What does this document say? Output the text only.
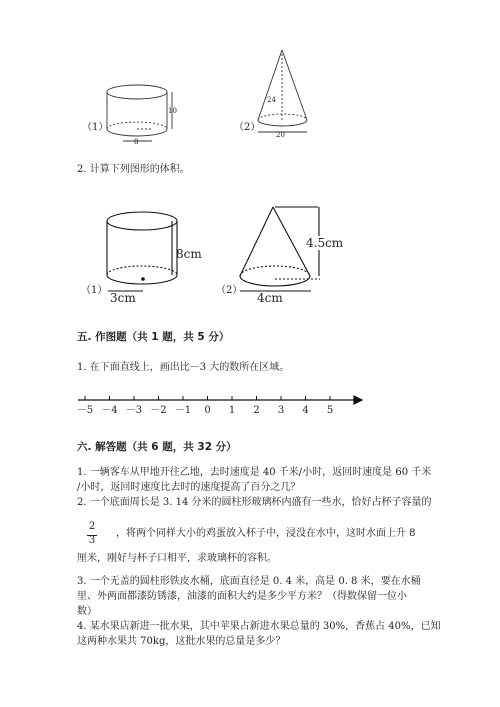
（1）
10
8
（2）
24
20
2. 计算下列图形的体积。
（1）
8cm
3cm
（2）
4.5cm
4cm
五. 作图题（共 1 题，共 5 分）
1. 在下面直线上，画出比－3 大的数所在区域。
－5 －4 －3 －2 －1	0	1	2	3	4	5
六. 解答题（共 6 题，共 32 分）
1. 一辆客车从甲地开往乙地，去时速度是 40 千米/小时，返回时速度是 60 千米
/小时，返回时速度比去时的速度提高了百分之几？
2. 一个底面周长是 3. 14 分米的圆柱形玻璃杯内盛有一些水，恰好占杯子容量的
2
3
，将两个同样大小的鸡蛋放入杯子中，浸没在水中，这时水面上升 8
厘米，刚好与杯子口相平，求玻璃杯的容积。
3. 一个无盖的圆柱形铁皮水桶，底面直径是 0. 4 米，高是 0. 8 米，要在水桶
里、外两面都漆防锈漆，油漆的面积大约是多少平方米？（得数保留一位小
数）
4. 某水果店新进一批水果，其中苹果占新进水果总量的 30%，香蕉占 40%，已知
这两种水果共 70kg，这批水果的总量是多少？
